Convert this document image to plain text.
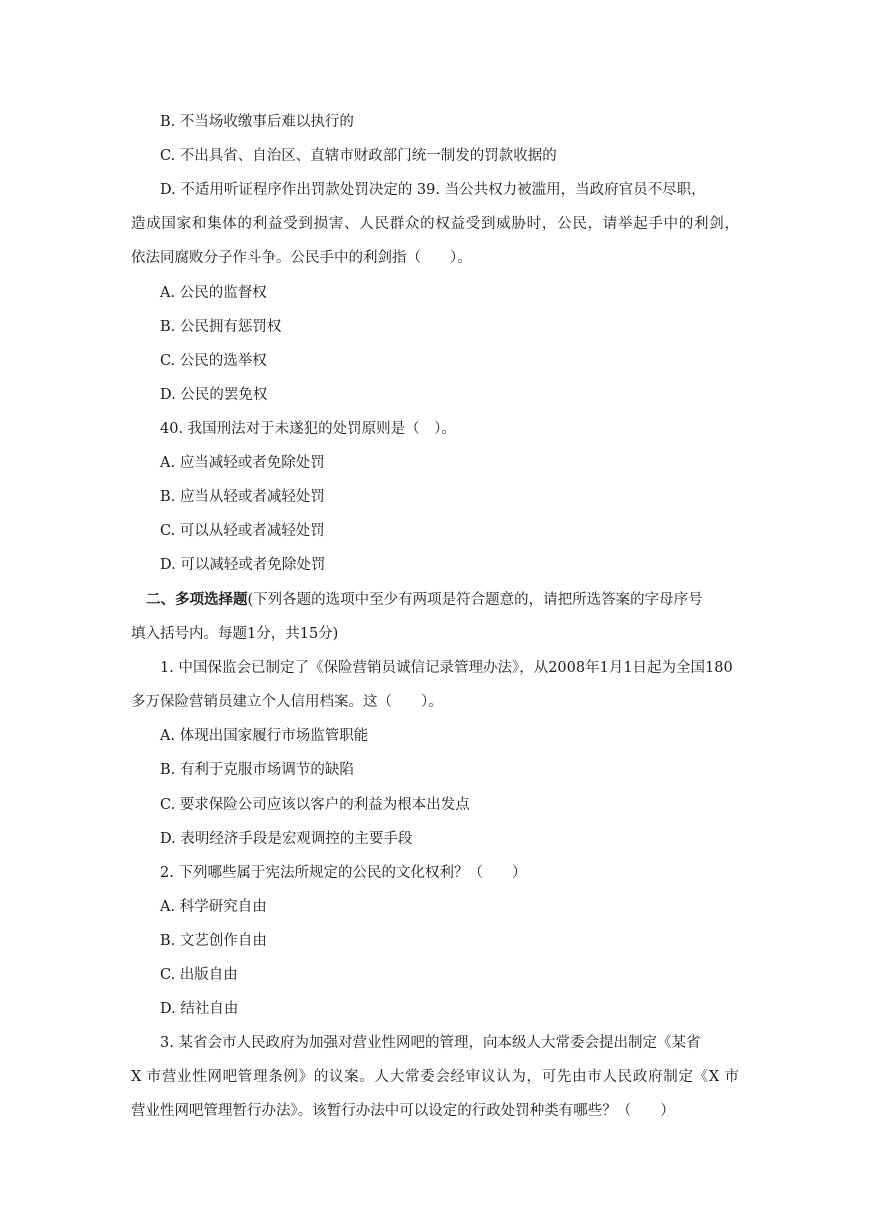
B. 不当场收缴事后难以执行的
C. 不出具省、自治区、直辖市财政部门统一制发的罚款收据的
D. 不适用听证程序作出罚款处罚决定的 39. 当公共权力被滥用，当政府官员不尽职，
造成国家和集体的利益受到损害、人民群众的权益受到威胁时，公民，请举起手中的利剑，
依法同腐败分子作斗争。公民手中的利剑指（　　）。
A. 公民的监督权
B. 公民拥有惩罚权
C. 公民的选举权
D. 公民的罢免权
40. 我国刑法对于未遂犯的处罚原则是（　）。
A. 应当减轻或者免除处罚
B. 应当从轻或者减轻处罚
C. 可以从轻或者减轻处罚
D. 可以减轻或者免除处罚
二、多项选择题(下列各题的选项中至少有两项是符合题意的，请把所选答案的字母序号
填入括号内。每题1分，共15分)
1. 中国保监会已制定了《保险营销员诚信记录管理办法》，从2008年1月1日起为全国180
多万保险营销员建立个人信用档案。这（　　）。
A. 体现出国家履行市场监管职能
B. 有利于克服市场调节的缺陷
C. 要求保险公司应该以客户的利益为根本出发点
D. 表明经济手段是宏观调控的主要手段
2. 下列哪些属于宪法所规定的公民的文化权利？（　　）
A. 科学研究自由
B. 文艺创作自由
C. 出版自由
D. 结社自由
3. 某省会市人民政府为加强对营业性网吧的管理，向本级人大常委会提出制定《某省
X 市营业性网吧管理条例》的议案。人大常委会经审议认为，可先由市人民政府制定《X 市
营业性网吧管理暂行办法》。该暂行办法中可以设定的行政处罚种类有哪些？（　　）
